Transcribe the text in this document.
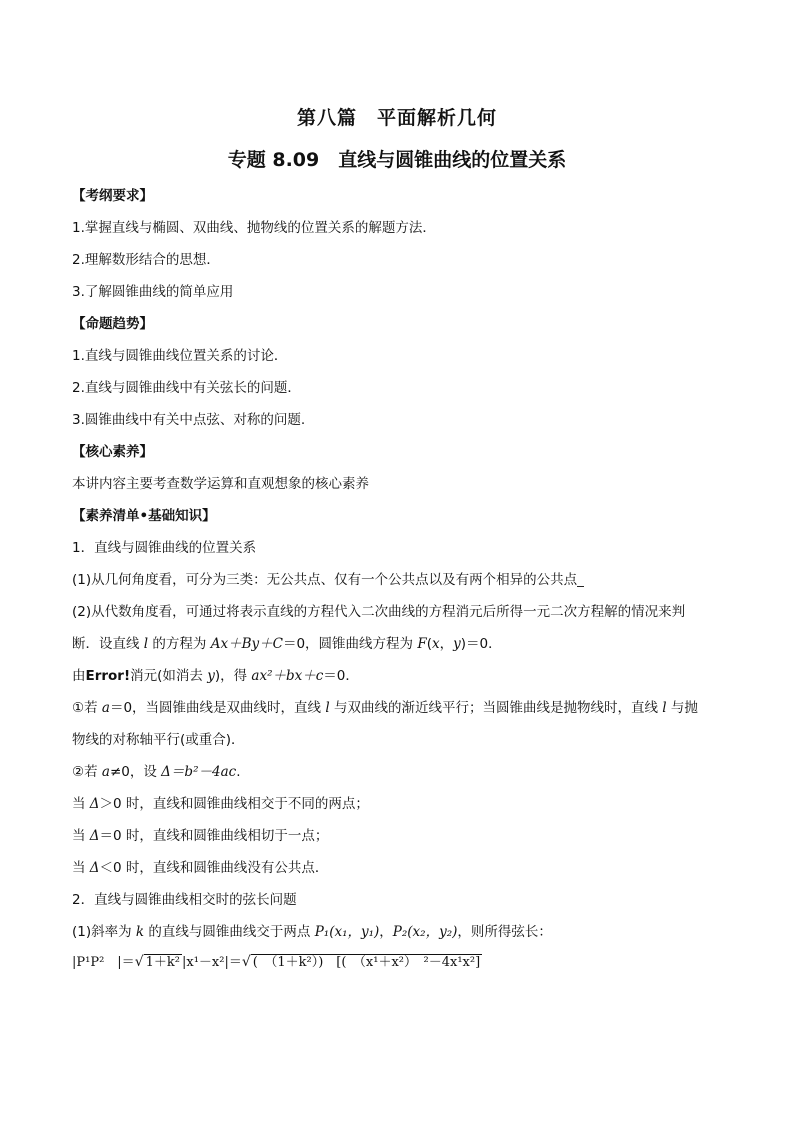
第八篇　平面解析几何
专题 8.09　直线与圆锥曲线的位置关系
【考纲要求】
1.掌握直线与椭圆、双曲线、抛物线的位置关系的解题方法．
2.理解数形结合的思想．
3.了解圆锥曲线的简单应用
【命题趋势】
1.直线与圆锥曲线位置关系的讨论．
2.直线与圆锥曲线中有关弦长的问题．
3.圆锥曲线中有关中点弦、对称的问题.
【核心素养】
本讲内容主要考查数学运算和直观想象的核心素养
【素养清单•基础知识】
1．直线与圆锥曲线的位置关系
(1)从几何角度看，可分为三类：无公共点、仅有一个公共点以及有两个相异的公共点_
(2)从代数角度看，可通过将表示直线的方程代入二次曲线的方程消元后所得一元二次方程解的情况来判
断．设直线 l 的方程为 Ax＋By＋C＝0，圆锥曲线方程为 F(x，y)＝0．
由Error!消元(如消去 y)，得 ax²＋bx＋c＝0．
①若 a＝0，当圆锥曲线是双曲线时，直线 l 与双曲线的渐近线平行；当圆锥曲线是抛物线时，直线 l 与抛
物线的对称轴平行(或重合)．
②若 a≠0，设 Δ＝b²－4ac.
当 Δ＞0 时，直线和圆锥曲线相交于不同的两点；
当 Δ＝0 时，直线和圆锥曲线相切于一点；
当 Δ＜0 时，直线和圆锥曲线没有公共点．
2．直线与圆锥曲线相交时的弦长问题
(1)斜率为 k 的直线与圆锥曲线交于两点 P₁(x₁，y₁)，P₂(x₂，y₂)，则所得弦长：
|P¹P²　|＝√ 1＋k² |x¹－x²|＝√ (　（1＋k²）)　[(　（x¹＋x²）　²－4x¹x²]
